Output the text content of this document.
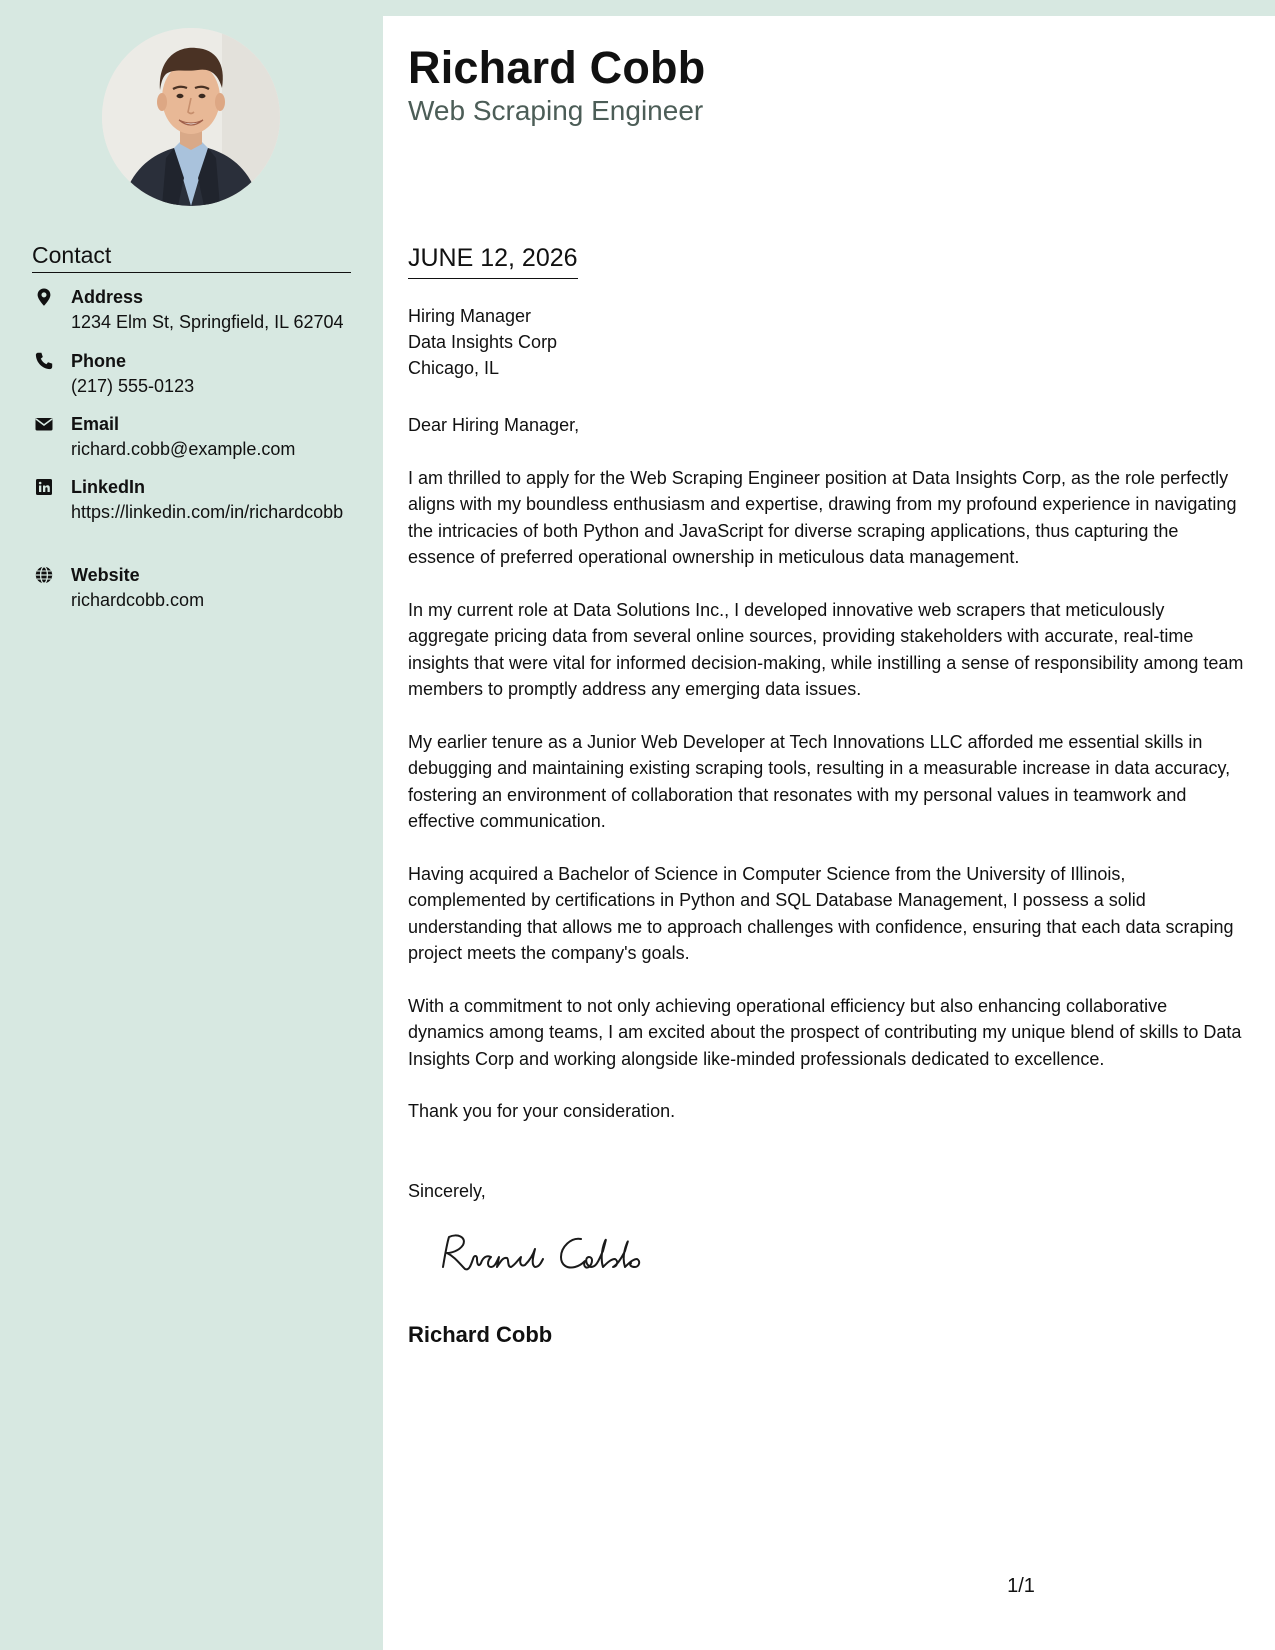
Contact
Address
1234 Elm St, Springfield, IL 62704
Phone
(217) 555-0123
Email
richard.cobb@example.com
LinkedIn
https://linkedin.com/in/richardcobb
Website
richardcobb.com
Richard Cobb
Web Scraping Engineer
JUNE 12, 2026
Hiring Manager
Data Insights Corp
Chicago, IL
Dear Hiring Manager,
I am thrilled to apply for the Web Scraping Engineer position at Data Insights Corp, as the role perfectly aligns with my boundless enthusiasm and expertise, drawing from my profound experience in navigating the intricacies of both Python and JavaScript for diverse scraping applications, thus capturing the essence of preferred operational ownership in meticulous data management.
In my current role at Data Solutions Inc., I developed innovative web scrapers that meticulously aggregate pricing data from several online sources, providing stakeholders with accurate, real-time insights that were vital for informed decision-making, while instilling a sense of responsibility among team members to promptly address any emerging data issues.
My earlier tenure as a Junior Web Developer at Tech Innovations LLC afforded me essential skills in debugging and maintaining existing scraping tools, resulting in a measurable increase in data accuracy, fostering an environment of collaboration that resonates with my personal values in teamwork and effective communication.
Having acquired a Bachelor of Science in Computer Science from the University of Illinois, complemented by certifications in Python and SQL Database Management, I possess a solid understanding that allows me to approach challenges with confidence, ensuring that each data scraping project meets the company's goals.
With a commitment to not only achieving operational efficiency but also enhancing collaborative dynamics among teams, I am excited about the prospect of contributing my unique blend of skills to Data Insights Corp and working alongside like-minded professionals dedicated to excellence.
Thank you for your consideration.
Sincerely,
Richard Cobb
1/1
